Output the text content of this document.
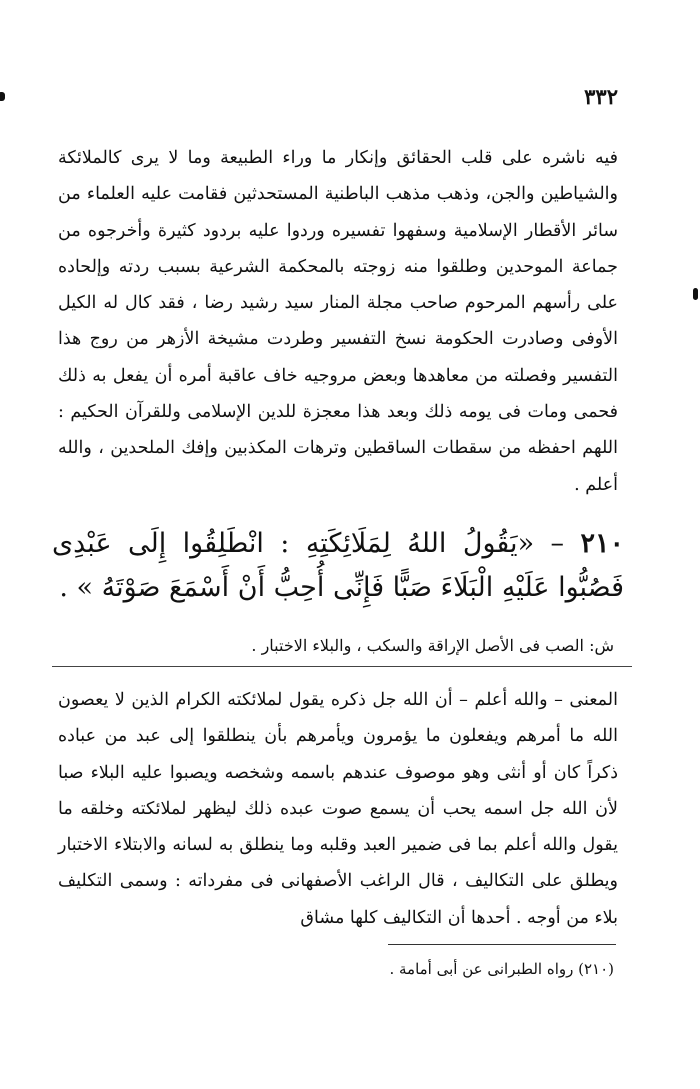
٣٣٢
فيه ناشره على قلب الحقائق وإنكار ما وراء الطبيعة وما لا يرى كالملائكة والشياطين والجن، وذهب مذهب الباطنية المستحدثين فقامت عليه العلماء من سائر الأقطار الإسلامية وسفهوا تفسيره وردوا عليه بردود كثيرة وأخرجوه من جماعة الموحدين وطلقوا منه زوجته بالمحكمة الشرعية بسبب ردته وإلحاده على رأسهم المرحوم صاحب مجلة المنار سيد رشيد رضا ، فقد كال له الكيل الأوفى وصادرت الحكومة نسخ التفسير وطردت مشيخة الأزهر من روج هذا التفسير وفصلته من معاهدها وبعض مروجيه خاف عاقبة أمره أن يفعل به ذلك فحمى ومات فى يومه ذلك وبعد هذا معجزة للدين الإسلامى وللقرآن الحكيم : اللهم احفظه من سقطات الساقطين وترهات المكذبين وإفك الملحدين ، والله أعلم .
٢١٠ – «يَقُولُ اللهُ لِمَلَائِكَتِهِ : انْطَلِقُوا إِلَى عَبْدِى فَصُبُّوا عَلَيْهِ الْبَلَاءَ صَبًّا فَإِنِّى أُحِبُّ أَنْ أَسْمَعَ صَوْتَهُ » .
ش: الصب فى الأصل الإراقة والسكب ، والبلاء الاختبار .
المعنى – والله أعلم – أن الله جل ذكره يقول لملائكته الكرام الذين لا يعصون الله ما أمرهم ويفعلون ما يؤمرون ويأمرهم بأن ينطلقوا إلى عبد من عباده ذكراً كان أو أنثى وهو موصوف عندهم باسمه وشخصه ويصبوا عليه البلاء صبا لأن الله جل اسمه يحب أن يسمع صوت عبده ذلك ليظهر لملائكته وخلقه ما يقول والله أعلم بما فى ضمير العبد وقلبه وما ينطلق به لسانه والابتلاء الاختبار ويطلق على التكاليف ، قال الراغب الأصفهانى فى مفرداته : وسمى التكليف بلاء من أوجه . أحدها أن التكاليف كلها مشاق
(٢١٠) رواه الطبرانى عن أبى أمامة .
